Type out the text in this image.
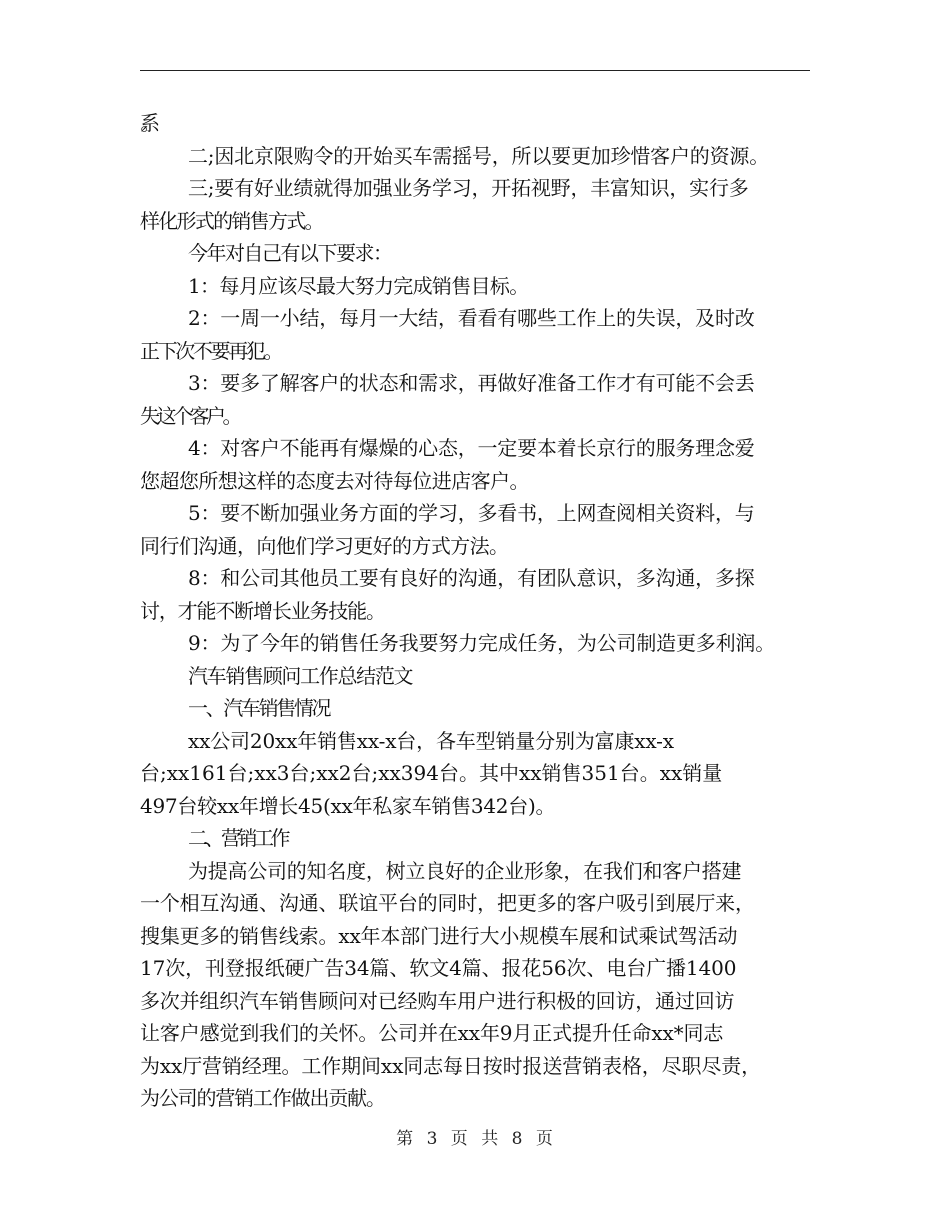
系。
二;因北京限购令的开始买车需摇号，所以要更加珍惜客户的资源。
三;要有好业绩就得加强业务学习，开拓视野，丰富知识，实行多
样化形式的销售方式。
今年对自己有以下要求：
1：每月应该尽最大努力完成销售目标。
2：一周一小结，每月一大结，看看有哪些工作上的失误，及时改
正下次不要再犯。
3：要多了解客户的状态和需求，再做好准备工作才有可能不会丢
失这个客户。
4：对客户不能再有爆燥的心态，一定要本着长京行的服务理念爱
您超您所想这样的态度去对待每位进店客户。
5：要不断加强业务方面的学习，多看书，上网查阅相关资料，与
同行们沟通，向他们学习更好的方式方法。
8：和公司其他员工要有良好的沟通，有团队意识，多沟通，多探
讨，才能不断增长业务技能。
9：为了今年的销售任务我要努力完成任务，为公司制造更多利润。
汽车销售顾问工作总结范文
一、汽车销售情况
xx公司20xx年销售xx-x台，各车型销量分别为富康xx-x
台;xx161台;xx3台;xx2台;xx394台。其中xx销售351台。xx销量
497台较xx年增长45(xx年私家车销售342台)。
二、营销工作
为提高公司的知名度，树立良好的企业形象，在我们和客户搭建
一个相互沟通、沟通、联谊平台的同时，把更多的客户吸引到展厅来，
搜集更多的销售线索。xx年本部门进行大小规模车展和试乘试驾活动
17次，刊登报纸硬广告34篇、软文4篇、报花56次、电台广播1400
多次并组织汽车销售顾问对已经购车用户进行积极的回访，通过回访
让客户感觉到我们的关怀。公司并在xx年9月正式提升任命xx*同志
为xx厅营销经理。工作期间xx同志每日按时报送营销表格，尽职尽责，
为公司的营销工作做出贡献。
第 3 页 共 8 页
